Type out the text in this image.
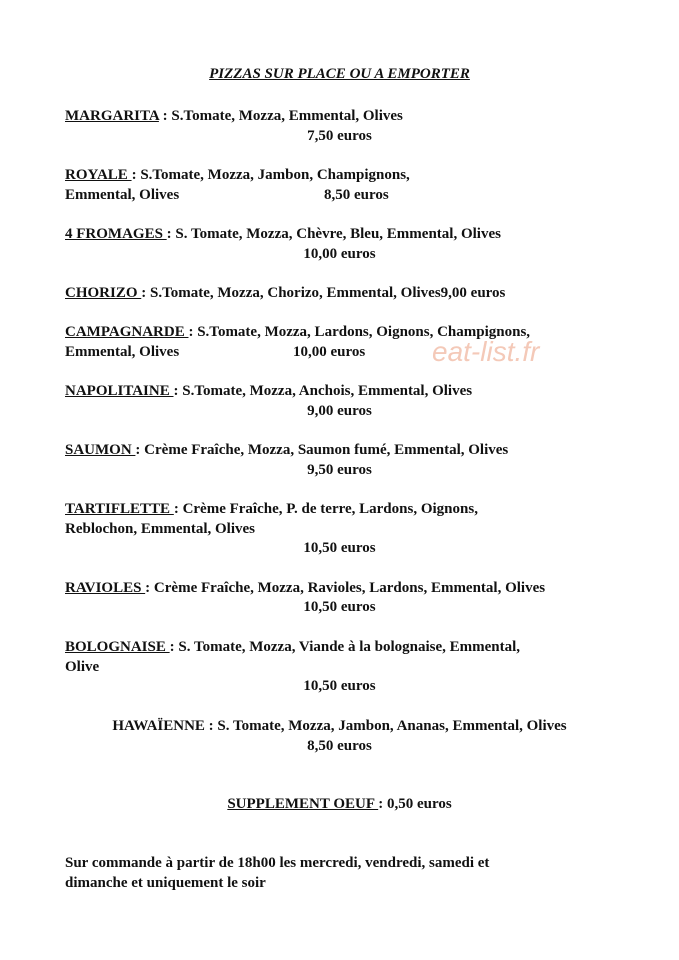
PIZZAS SUR PLACE OU A EMPORTER
MARGARITA : S.Tomate, Mozza, Emmental, Olives
7,50 euros
ROYALE : S.Tomate, Mozza, Jambon, Champignons,
Emmental, Olives	8,50 euros
4 FROMAGES : S. Tomate, Mozza, Chèvre, Bleu, Emmental, Olives
10,00 euros
CHORIZO : S.Tomate, Mozza, Chorizo, Emmental, Olives9,00 euros
CAMPAGNARDE : S.Tomate, Mozza, Lardons, Oignons, Champignons,
Emmental, Olives	10,00 euros eat-list.fr
NAPOLITAINE : S.Tomate, Mozza, Anchois, Emmental, Olives
9,00 euros
SAUMON : Crème Fraîche, Mozza, Saumon fumé, Emmental, Olives
9,50 euros
TARTIFLETTE : Crème Fraîche, P. de terre, Lardons, Oignons,
Reblochon, Emmental, Olives
10,50 euros
RAVIOLES : Crème Fraîche, Mozza, Ravioles, Lardons, Emmental, Olives
10,50 euros
BOLOGNAISE : S. Tomate, Mozza, Viande à la bolognaise, Emmental,
Olive
10,50 euros
HAWAÏENNE : S. Tomate, Mozza, Jambon, Ananas, Emmental, Olives
8,50 euros
SUPPLEMENT OEUF : 0,50 euros
Sur commande à partir de 18h00 les mercredi, vendredi, samedi et
dimanche et uniquement le soir
